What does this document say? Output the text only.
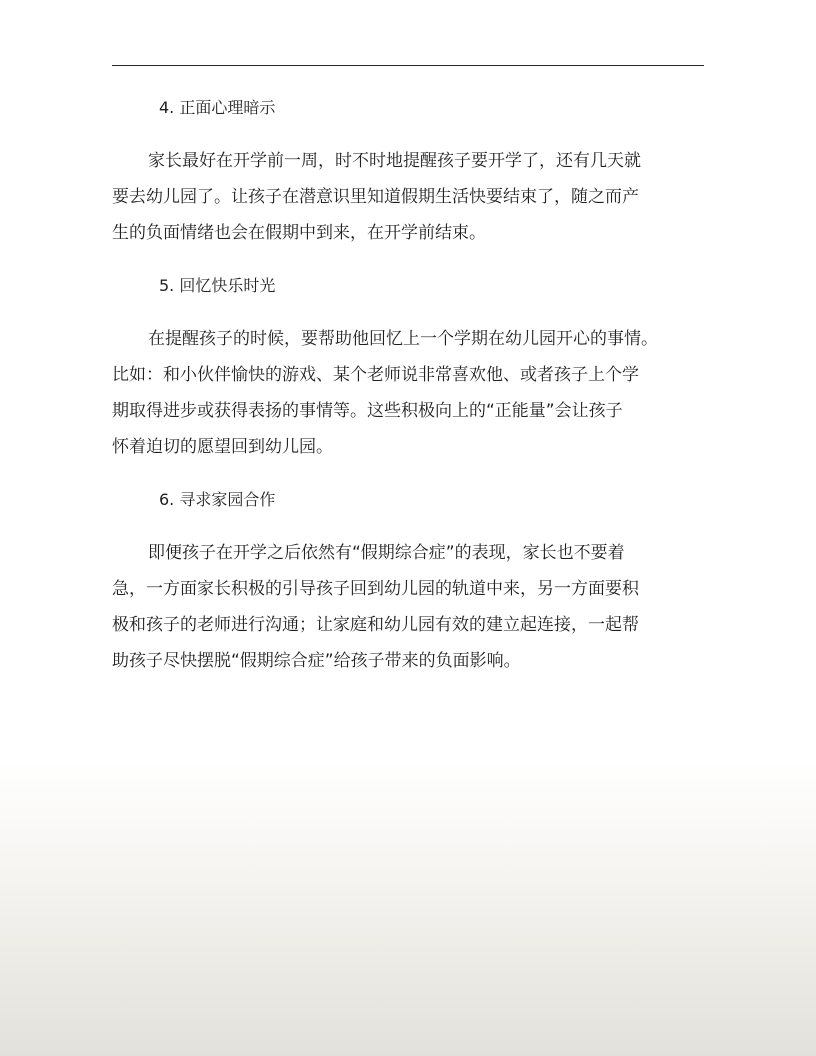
4. 正面心理暗示
家长最好在开学前一周，时不时地提醒孩子要开学了，还有几天就
要去幼儿园了。让孩子在潜意识里知道假期生活快要结束了，随之而产
生的负面情绪也会在假期中到来，在开学前结束。
5. 回忆快乐时光
在提醒孩子的时候，要帮助他回忆上一个学期在幼儿园开心的事情。
比如：和小伙伴愉快的游戏、某个老师说非常喜欢他、或者孩子上个学
期取得进步或获得表扬的事情等。这些积极向上的“正能量”会让孩子
怀着迫切的愿望回到幼儿园。
6. 寻求家园合作
即便孩子在开学之后依然有“假期综合症”的表现，家长也不要着
急，一方面家长积极的引导孩子回到幼儿园的轨道中来，另一方面要积
极和孩子的老师进行沟通；让家庭和幼儿园有效的建立起连接，一起帮
助孩子尽快摆脱“假期综合症”给孩子带来的负面影响。
